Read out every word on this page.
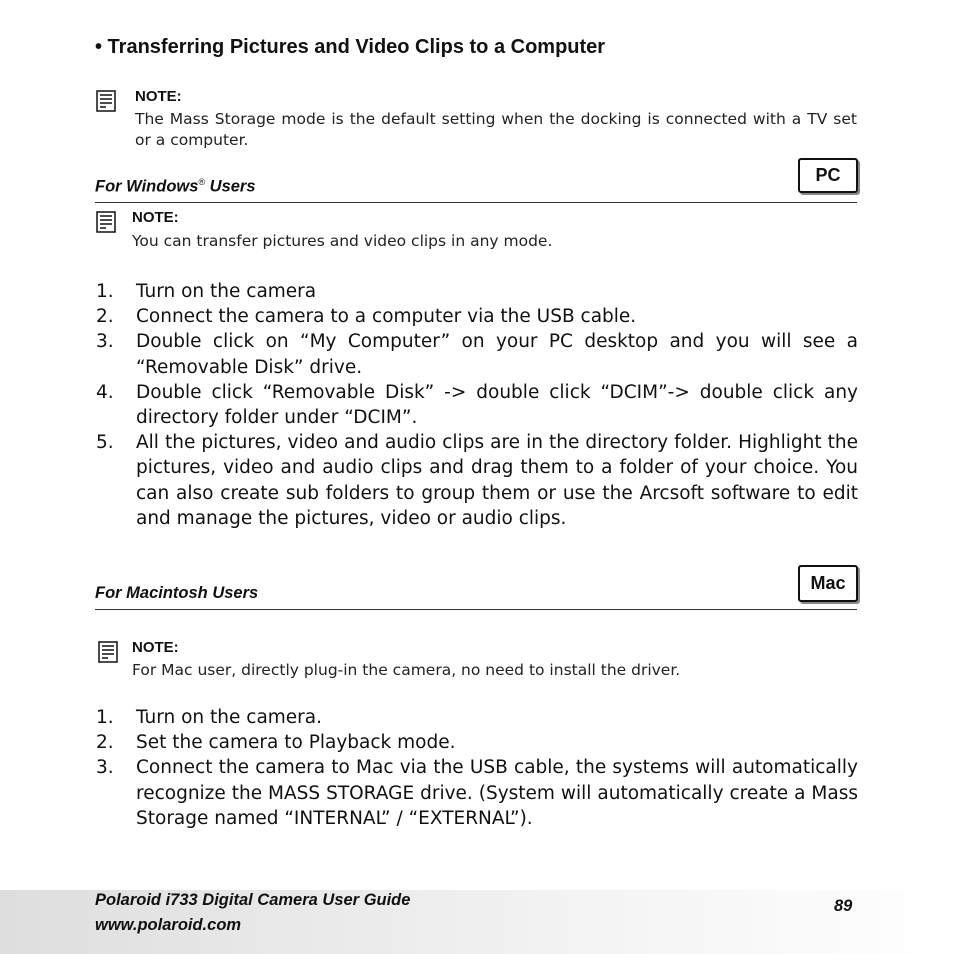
• Transferring Pictures and Video Clips to a Computer
NOTE:
The Mass Storage mode is the default setting when the docking is connected with a TV set or a computer.
For Windows® Users
PC
NOTE:
You can transfer pictures and video clips in any mode.
1. Turn on the camera
2. Connect the camera to a computer via the USB cable.
3. Double click on “My Computer” on your PC desktop and you will see a “Removable Disk” drive.
4. Double click “Removable Disk” -> double click “DCIM”-> double click any directory folder under “DCIM”.
5. All the pictures, video and audio clips are in the directory folder. Highlight the pictures, video and audio clips and drag them to a folder of your choice. You can also create sub folders to group them or use the Arcsoft software to edit and manage the pictures, video or audio clips.
For Macintosh Users	Mac
NOTE:
For Mac user, directly plug-in the camera, no need to install the driver.
1. Turn on the camera.
2. Set the camera to Playback mode.
3. Connect the camera to Mac via the USB cable, the systems will automatically recognize the MASS STORAGE drive. (System will automatically create a Mass Storage named “INTERNAL” / “EXTERNAL”).
Polaroid i733 Digital Camera User Guide
www.polaroid.com
89
